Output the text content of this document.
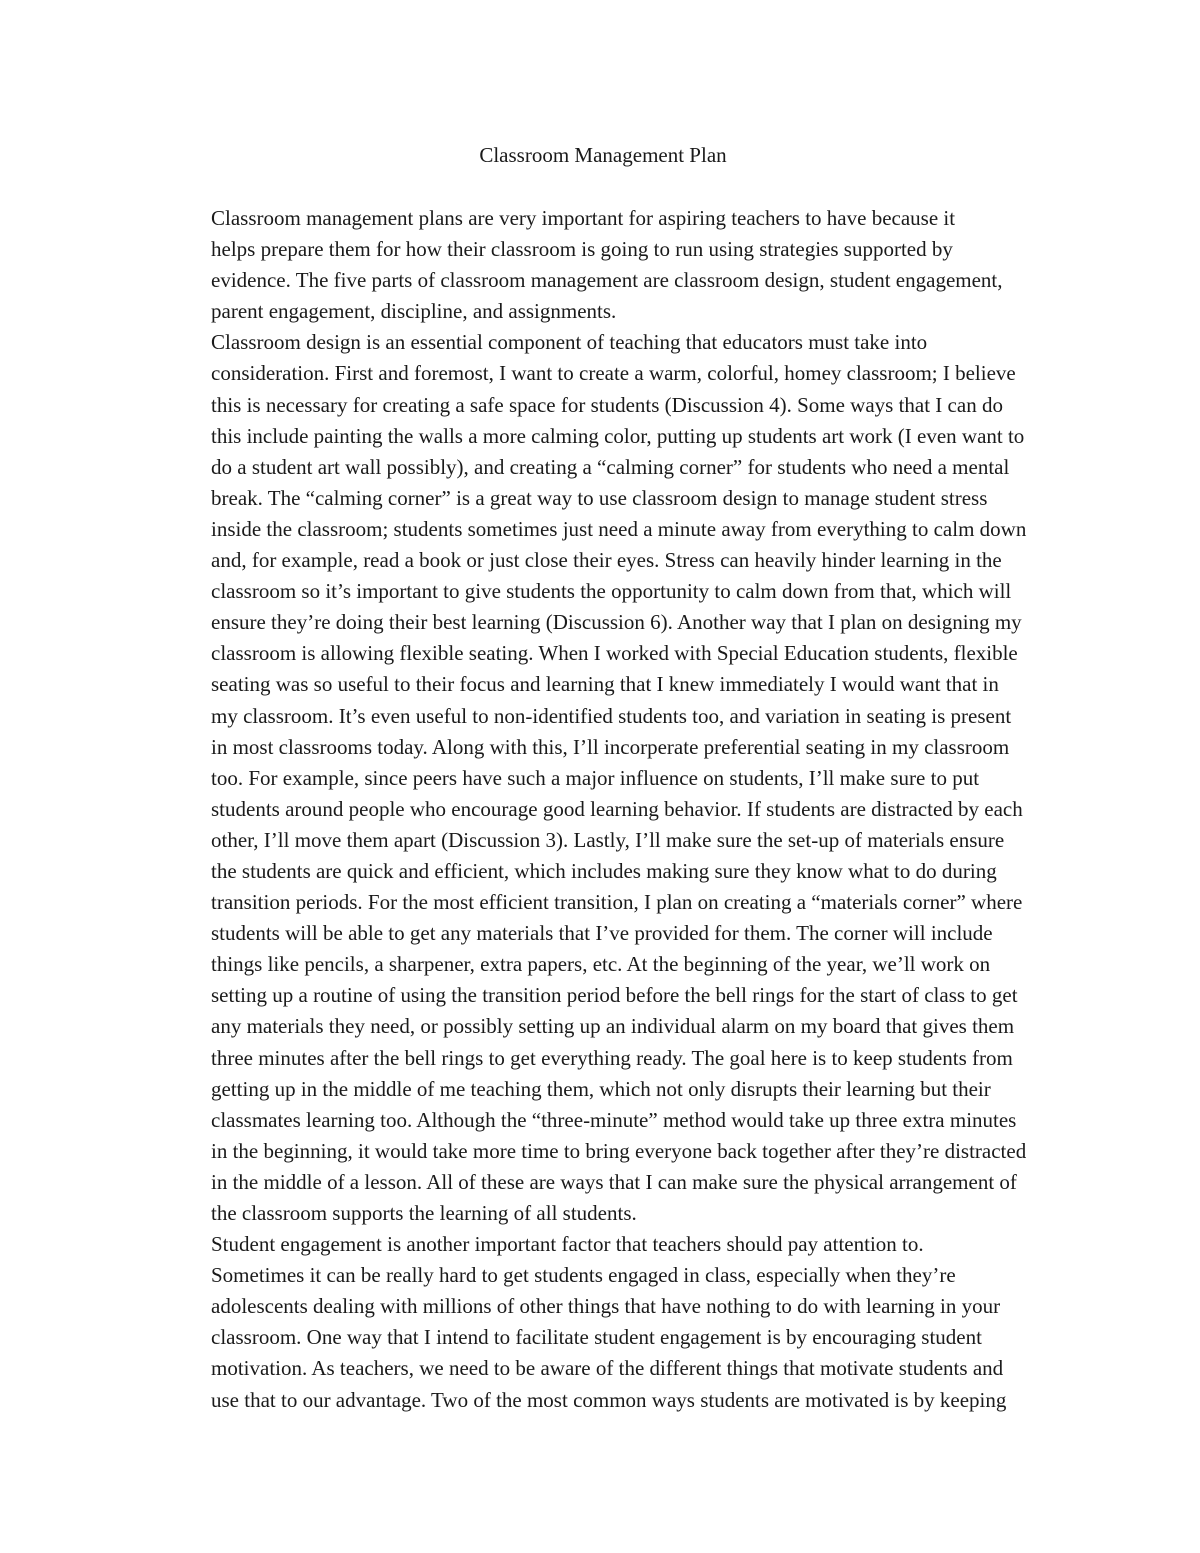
Classroom Management Plan

Classroom management plans are very important for aspiring teachers to have because it
helps prepare them for how their classroom is going to run using strategies supported by
evidence. The five parts of classroom management are classroom design, student engagement,
parent engagement, discipline, and assignments.

Classroom design is an essential component of teaching that educators must take into
consideration. First and foremost, I want to create a warm, colorful, homey classroom; I believe
this is necessary for creating a safe space for students (Discussion 4). Some ways that I can do
this include painting the walls a more calming color, putting up students art work (I even want to
do a student art wall possibly), and creating a “calming corner” for students who need a mental
break. The “calming corner” is a great way to use classroom design to manage student stress
inside the classroom; students sometimes just need a minute away from everything to calm down
and, for example, read a book or just close their eyes. Stress can heavily hinder learning in the
classroom so it’s important to give students the opportunity to calm down from that, which will
ensure they’re doing their best learning (Discussion 6). Another way that I plan on designing my
classroom is allowing flexible seating. When I worked with Special Education students, flexible
seating was so useful to their focus and learning that I knew immediately I would want that in
my classroom. It’s even useful to non-identified students too, and variation in seating is present
in most classrooms today. Along with this, I’ll incorperate preferential seating in my classroom
too. For example, since peers have such a major influence on students, I’ll make sure to put
students around people who encourage good learning behavior. If students are distracted by each
other, I’ll move them apart (Discussion 3). Lastly, I’ll make sure the set-up of materials ensure
the students are quick and efficient, which includes making sure they know what to do during
transition periods. For the most efficient transition, I plan on creating a “materials corner” where
students will be able to get any materials that I’ve provided for them. The corner will include
things like pencils, a sharpener, extra papers, etc. At the beginning of the year, we’ll work on
setting up a routine of using the transition period before the bell rings for the start of class to get
any materials they need, or possibly setting up an individual alarm on my board that gives them
three minutes after the bell rings to get everything ready. The goal here is to keep students from
getting up in the middle of me teaching them, which not only disrupts their learning but their
classmates learning too. Although the “three-minute” method would take up three extra minutes
in the beginning, it would take more time to bring everyone back together after they’re distracted
in the middle of a lesson. All of these are ways that I can make sure the physical arrangement of
the classroom supports the learning of all students.

Student engagement is another important factor that teachers should pay attention to.
Sometimes it can be really hard to get students engaged in class, especially when they’re
adolescents dealing with millions of other things that have nothing to do with learning in your
classroom. One way that I intend to facilitate student engagement is by encouraging student
motivation. As teachers, we need to be aware of the different things that motivate students and
use that to our advantage. Two of the most common ways students are motivated is by keeping
